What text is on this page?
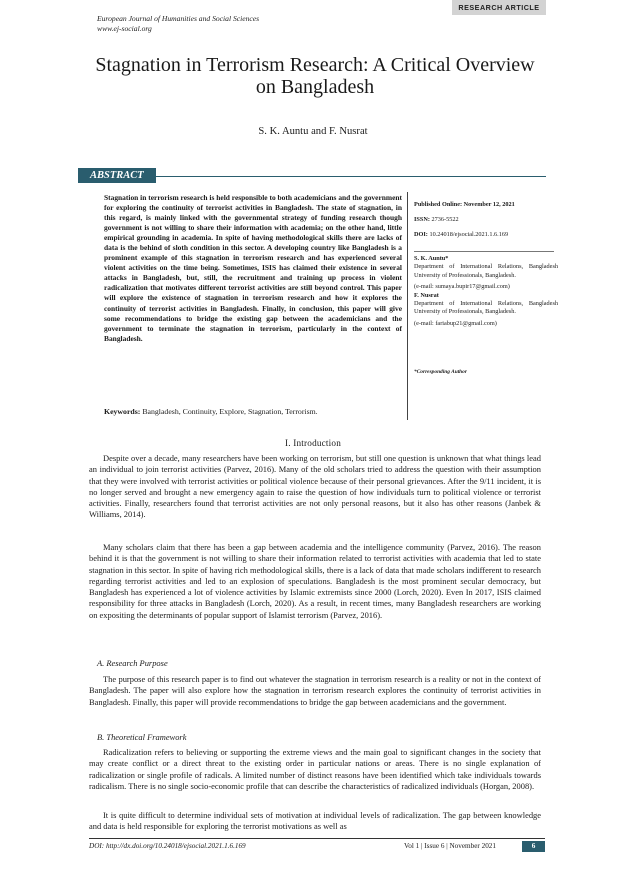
RESEARCH ARTICLE
European Journal of Humanities and Social Sciences
www.ej-social.org
Stagnation in Terrorism Research: A Critical Overview
on Bangladesh
S. K. Auntu and F. Nusrat
ABSTRACT
Stagnation in terrorism research is held responsible to both academicians and the government for exploring the continuity of terrorist activities in Bangladesh. The state of stagnation, in this regard, is mainly linked with the governmental strategy of funding research though government is not willing to share their information with academia; on the other hand, little empirical grounding in academia. In spite of having methodological skills there are lacks of data is the behind of sloth condition in this sector. A developing country like Bangladesh is a prominent example of this stagnation in terrorism research and has experienced several violent activities on the time being. Sometimes, ISIS has claimed their existence in several attacks in Bangladesh, but, still, the recruitment and training up process in violent radicalization that motivates different terrorist activities are still beyond control. This paper will explore the existence of stagnation in terrorism research and how it explores the continuity of terrorist activities in Bangladesh. Finally, in conclusion, this paper will give some recommendations to bridge the existing gap between the academicians and the government to terminate the stagnation in terrorism, particularly in the context of Bangladesh.
Published Online: November 12, 2021
ISSN: 2736-5522
DOI: 10.24018/ejsocial.2021.1.6.169
S. K. Auntu*
Department of International Relations, Bangladesh University of Professionals, Bangladesh.
(e-mail: sumaya.bupir17@gmail.com)
F. Nusrat
Department of International Relations, Bangladesh University of Professionals, Bangladesh.
(e-mail: fariabup21@gmail.com)
*Corresponding Author
Keywords: Bangladesh, Continuity, Explore, Stagnation, Terrorism.
I. Introduction
Despite over a decade, many researchers have been working on terrorism, but still one question is unknown that what things lead an individual to join terrorist activities (Parvez, 2016). Many of the old scholars tried to address the question with their assumption that they were involved with terrorist activities or political violence because of their personal grievances. After the 9/11 incident, it is no longer served and brought a new emergency again to raise the question of how individuals turn to political violence or terrorist activities. Finally, researchers found that terrorist activities are not only personal reasons, but it also has other reasons (Janbek & Williams, 2014).
Many scholars claim that there has been a gap between academia and the intelligence community (Parvez, 2016). The reason behind it is that the government is not willing to share their information related to terrorist activities with academia that led to state stagnation in this sector. In spite of having rich methodological skills, there is a lack of data that made scholars indifferent to research regarding terrorist activities and led to an explosion of speculations. Bangladesh is the most prominent secular democracy, but Bangladesh has experienced a lot of violence activities by Islamic extremists since 2000 (Lorch, 2020). Even In 2017, ISIS claimed responsibility for three attacks in Bangladesh (Lorch, 2020). As a result, in recent times, many Bangladesh researchers are working on expositing the determinants of popular support of Islamist terrorism (Parvez, 2016).
A. Research Purpose
The purpose of this research paper is to find out whatever the stagnation in terrorism research is a reality or not in the context of Bangladesh. The paper will also explore how the stagnation in terrorism research explores the continuity of terrorist activities in Bangladesh. Finally, this paper will provide recommendations to bridge the gap between academicians and the government.
B. Theoretical Framework
Radicalization refers to believing or supporting the extreme views and the main goal to significant changes in the society that may create conflict or a direct threat to the existing order in particular nations or areas. There is no single explanation of radicalization or single profile of radicals. A limited number of distinct reasons have been identified which take individuals towards radicalism. There is no single socio-economic profile that can describe the characteristics of radicalized individuals (Horgan, 2008).
It is quite difficult to determine individual sets of motivation at individual levels of radicalization. The gap between knowledge and data is held responsible for exploring the terrorist motivations as well as
DOI: http://dx.doi.org/10.24018/ejsocial.2021.1.6.169	Vol 1 | Issue 6 | November 2021	6
